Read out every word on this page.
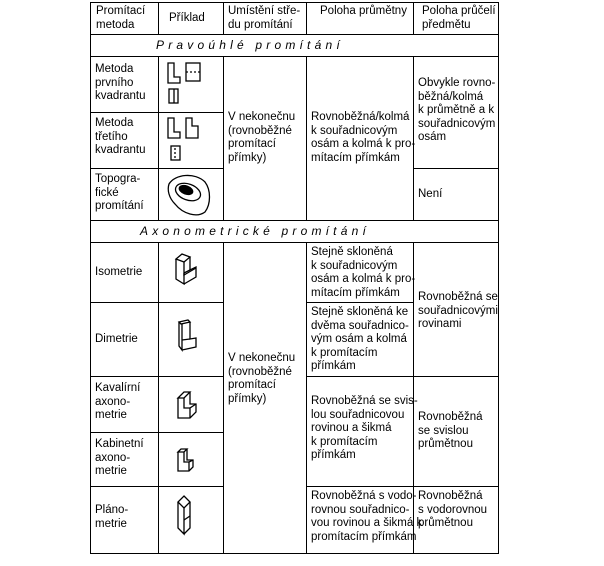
Promítací
metoda
Příklad
Umístění stře-
du promítání
Poloha průmětny Poloha průčelí
předmětu
Pravoúhlé promítání
Metoda
prvního
kvadrantu
Metoda
třetího
kvadrantu
Topogra-
fické
promítání
V nekonečnu
(rovnoběžné
promítací
přímky)
Rovnoběžná/kolmá
k souřadnicovým
osám a kolmá k pro-
mítacím přímkám
Obvykle rovno-
běžná/kolmá
k průmětně a k
souřadnicovým
osám
Není
Axonometrické promítání
Isometrie
Dimetrie
Kavalírní
axono-
metrie
Kabinetní
axono-
metrie
Pláno-
metrie
V nekonečnu
(rovnoběžné
promítací
přímky)
Stejně skloněná
k souřadnicovým
osám a kolmá k pro-
mítacím přímkám
Stejně skloněná ke
dvěma souřadnico-
vým osám a kolmá
k promítacím
přímkám
Rovnoběžná se svis-
lou souřadnicovou
rovinou a šikmá
k promítacím
přímkám
Rovnoběžná s vodo-
rovnou souřadnico-
vou rovinou a šikmá k
promítacím přímkám
Rovnoběžná se
souřadnicovými
rovinami
Rovnoběžná
se svislou
průmětnou
Rovnoběžná
s vodorovnou
průmětnou
